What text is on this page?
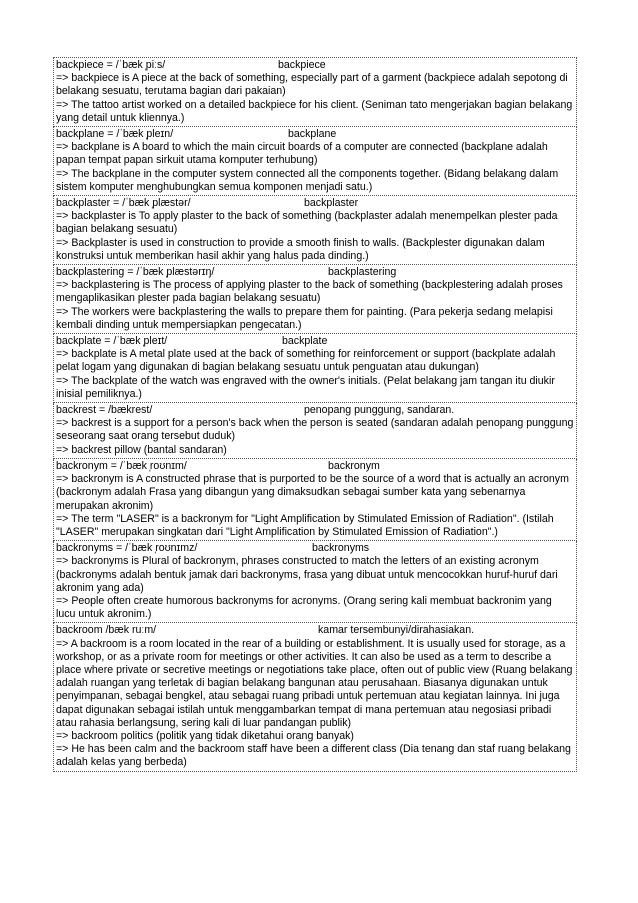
backpiece = /ˈbæk ̩piːs/	backpiece
=> backpiece is A piece at the back of something, especially part of a garment (backpiece adalah sepotong di belakang sesuatu, terutama bagian dari pakaian)
=> The tattoo artist worked on a detailed backpiece for his client. (Seniman tato mengerjakan bagian belakang yang detail untuk kliennya.)
backplane = /ˈbæk ̩pleɪn/	backplane
=> backplane is A board to which the main circuit boards of a computer are connected (backplane adalah papan tempat papan sirkuit utama komputer terhubung)
=> The backplane in the computer system connected all the components together. (Bidang belakang dalam sistem komputer menghubungkan semua komponen menjadi satu.)
backplaster = /ˈbæk ̩plæstər/	backplaster
=> backplaster is To apply plaster to the back of something (backplaster adalah menempelkan plester pada bagian belakang sesuatu)
=> Backplaster is used in construction to provide a smooth finish to walls. (Backplester digunakan dalam konstruksi untuk memberikan hasil akhir yang halus pada dinding.)
backplastering = /ˈbæk ̩plæstərɪŋ/	backplastering
=> backplastering is The process of applying plaster to the back of something (backplestering adalah proses mengaplikasikan plester pada bagian belakang sesuatu)
=> The workers were backplastering the walls to prepare them for painting. (Para pekerja sedang melapisi kembali dinding untuk mempersiapkan pengecatan.)
backplate = /ˈbæk ̩pleɪt/	backplate
=> backplate is A metal plate used at the back of something for reinforcement or support (backplate adalah pelat logam yang digunakan di bagian belakang sesuatu untuk penguatan atau dukungan)
=> The backplate of the watch was engraved with the owner's initials. (Pelat belakang jam tangan itu diukir inisial pemiliknya.)
backrest = /bækrest/	penopang punggung, sandaran.
=> backrest is a support for a person's back when the person is seated (sandaran adalah penopang punggung seseorang saat orang tersebut duduk)
=> backrest pillow (bantal sandaran)
backronym = /ˈbæk ̩roʊnɪm/	backronym
=> backronym is A constructed phrase that is purported to be the source of a word that is actually an acronym (backronym adalah Frasa yang dibangun yang dimaksudkan sebagai sumber kata yang sebenarnya merupakan akronim)
=> The term "LASER" is a backronym for "Light Amplification by Stimulated Emission of Radiation". (Istilah "LASER" merupakan singkatan dari "Light Amplification by Stimulated Emission of Radiation".)
backronyms = /ˈbæk ̩roʊnɪmz/	backronyms
=> backronyms is Plural of backronym, phrases constructed to match the letters of an existing acronym (backronyms adalah bentuk jamak dari backronyms, frasa yang dibuat untuk mencocokkan huruf-huruf dari akronim yang ada)
=> People often create humorous backronyms for acronyms. (Orang sering kali membuat backronim yang lucu untuk akronim.)
backroom /bæk ruːm/	kamar tersembunyi/dirahasiakan.
=> A backroom is a room located in the rear of a building or establishment. It is usually used for storage, as a workshop, or as a private room for meetings or other activities. It can also be used as a term to describe a place where private or secretive meetings or negotiations take place, often out of public view (Ruang belakang adalah ruangan yang terletak di bagian belakang bangunan atau perusahaan. Biasanya digunakan untuk penyimpanan, sebagai bengkel, atau sebagai ruang pribadi untuk pertemuan atau kegiatan lainnya. Ini juga dapat digunakan sebagai istilah untuk menggambarkan tempat di mana pertemuan atau negosiasi pribadi atau rahasia berlangsung, sering kali di luar pandangan publik)
=> backroom politics (politik yang tidak diketahui orang banyak)
=> He has been calm and the backroom staff have been a different class (Dia tenang dan staf ruang belakang adalah kelas yang berbeda)
